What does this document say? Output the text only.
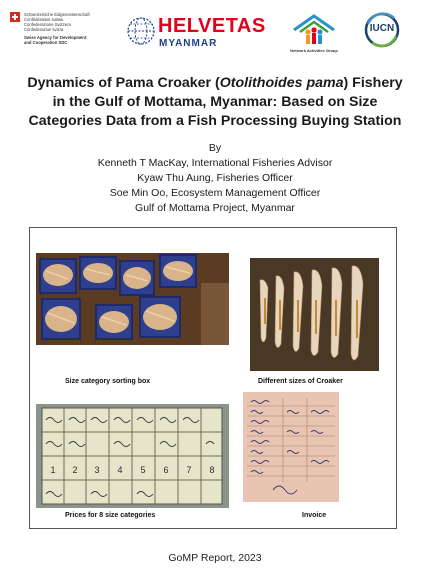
Schweizerische Eidgenossenschaft
Confédération suisse
Confederazione Svizzera
Confederaziun svizra
Swiss Agency for Development
and Cooperation SDC
HELVETAS
MYANMAR
Network Activities Group
IUCN
Dynamics of Pama Croaker (Otolithoides pama) Fishery in the Gulf of Mottama, Myanmar: Based on Size Categories Data from a Fish Processing Buying Station
By
Kenneth T MacKay, International Fisheries Advisor
Kyaw Thu Aung, Fisheries Officer
Soe Min Oo, Ecosystem Management Officer
Gulf of Mottama Project, Myanmar
Size category sorting box	Different sizes of Croaker
1 2 3 4 5 6 7 8
Prices for 8 size categories	Invoice
GoMP Report, 2023
